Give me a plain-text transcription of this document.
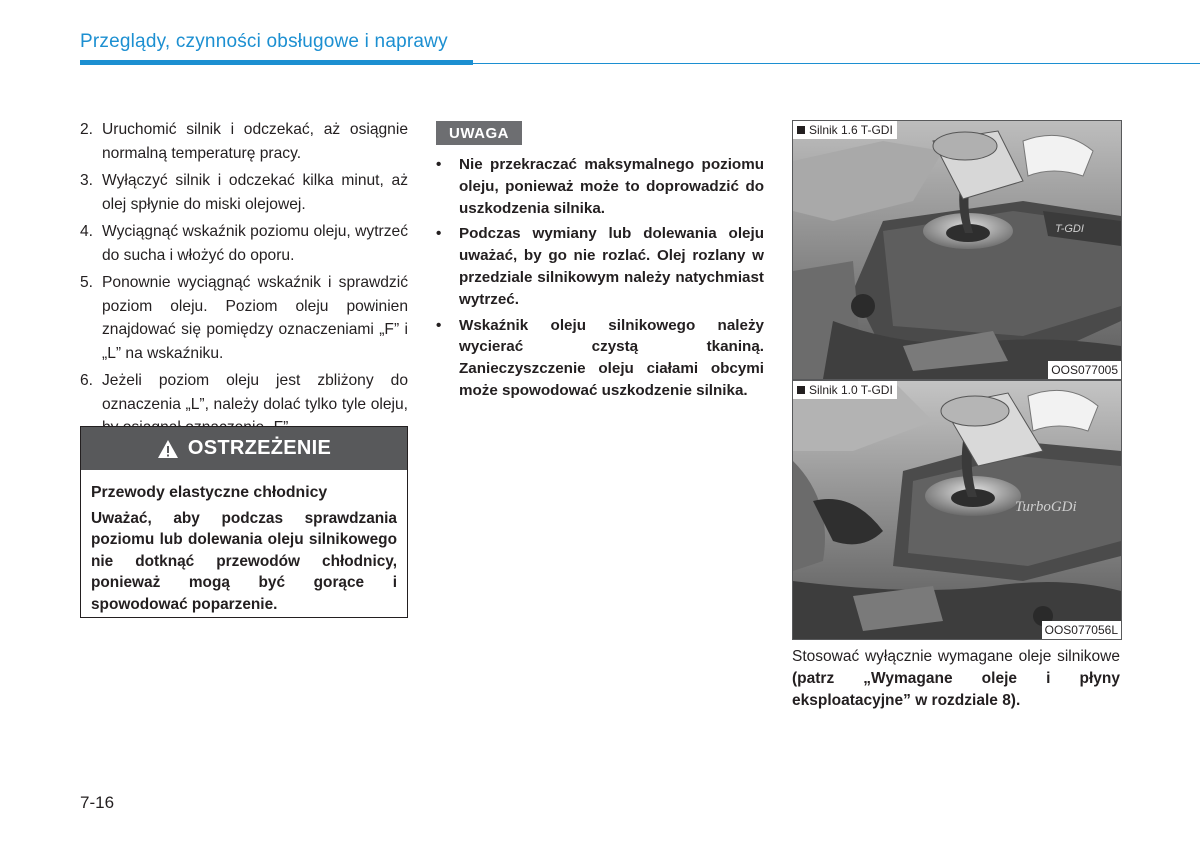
Przeglądy, czynności obsługowe i naprawy
2. Uruchomić silnik i odczekać, aż osiągnie normalną temperaturę pracy.
3. Wyłączyć silnik i odczekać kilka minut, aż olej spłynie do miski olejowej.
4. Wyciągnąć wskaźnik poziomu oleju, wytrzeć do sucha i włożyć do oporu.
5. Ponownie wyciągnąć wskaźnik i sprawdzić poziom oleju. Poziom oleju powinien znajdować się pomiędzy oznaczeniami „F” i „L” na wskaźniku.
6. Jeżeli poziom oleju jest zbliżony do oznaczenia „L”, należy dolać tylko tyle oleju,
OSTRZEŻENIE
Przewody elastyczne chłodnicy
Uważać, aby podczas sprawdzania poziomu lub dolewania oleju silnikowego nie dotknąć przewodów chłodnicy, ponieważ mogą być gorące i spowodować poparzenie.
UWAGA
•	Nie przekraczać maksymalnego poziomu oleju, ponieważ może to doprowadzić do uszkodzenia silnika.
•	Podczas wymiany lub dolewania oleju uważać, by go nie rozlać. Olej rozlany w przedziale silnikowym należy natychmiast wytrzeć.
•	Wskaźnik oleju silnikowego należy wycierać czystą tkaniną. Zanieczyszczenie oleju ciałami obcymi może spowodować uszkodzenie silnika.
T-GDI
Silnik 1.6 T-GDI
OOS077005
TurboGDi
Silnik 1.0 T-GDI
OOS077056L
Stosować wyłącznie wymagane oleje silnikowe (patrz „Wymagane oleje i płyny eksploatacyjne” w rozdziale 8).
7-16
